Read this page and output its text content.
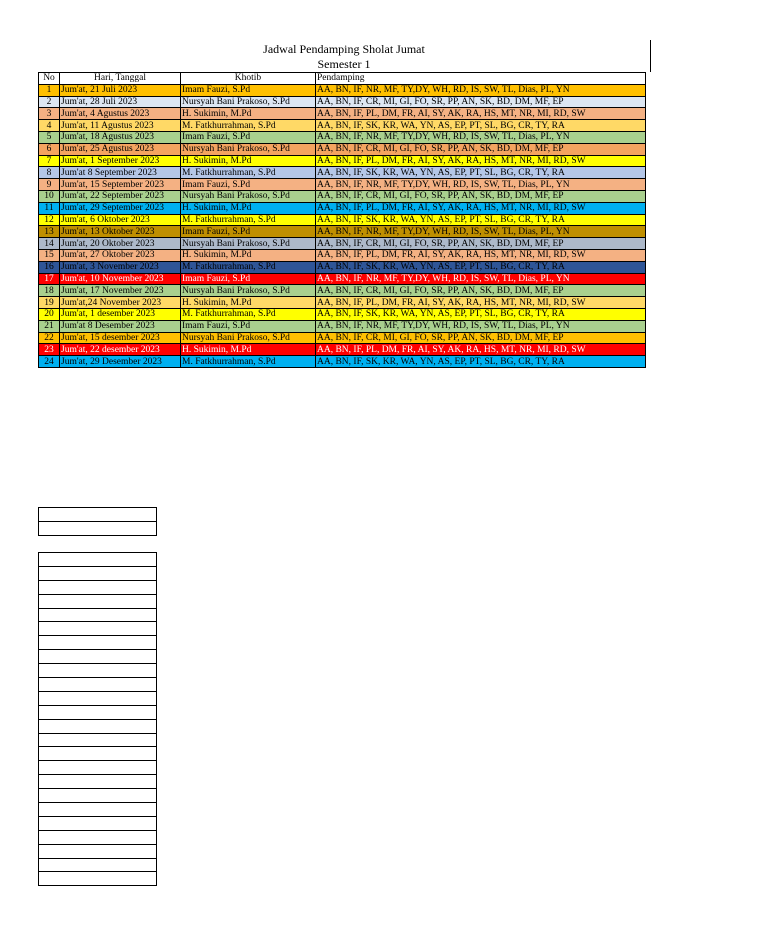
Jadwal Pendamping Sholat Jumat
Semester 1
No	Hari, Tanggal	Khotib	Pendamping
1	Jum'at, 21 Juli 2023	Imam Fauzi, S.Pd	AA, BN, IF, NR, MF, TY,DY, WH, RD, IS, SW, TL, Dias, PL, YN
2	Jum'at, 28 Juli 2023	Nursyah Bani Prakoso, S.Pd	AA, BN, IF, CR, MI, GI, FO, SR, PP, AN, SK, BD, DM, MF, EP
3	Jum'at, 4 Agustus 2023	H. Sukimin, M.Pd	AA, BN, IF, PL, DM, FR, AI, SY, AK, RA, HS, MT, NR, MI, RD, SW
4	Jum'at, 11 Agustus 2023	M. Fatkhurrahman, S.Pd	AA, BN, IF, SK, KR, WA, YN, AS, EP, PT, SL, BG, CR, TY, RA
5	Jum'at, 18 Agustus 2023	Imam Fauzi, S.Pd	AA, BN, IF, NR, MF, TY,DY, WH, RD, IS, SW, TL, Dias, PL, YN
6	Jum'at, 25 Agustus 2023	Nursyah Bani Prakoso, S.Pd	AA, BN, IF, CR, MI, GI, FO, SR, PP, AN, SK, BD, DM, MF, EP
7	Jum'at, 1 September 2023	H. Sukimin, M.Pd	AA, BN, IF, PL, DM, FR, AI, SY, AK, RA, HS, MT, NR, MI, RD, SW
8	Jum'at 8 September 2023	M. Fatkhurrahman, S.Pd	AA, BN, IF, SK, KR, WA, YN, AS, EP, PT, SL, BG, CR, TY, RA
9	Jum'at, 15 September 2023	Imam Fauzi, S.Pd	AA, BN, IF, NR, MF, TY,DY, WH, RD, IS, SW, TL, Dias, PL, YN
10	Jum'at, 22 September 2023	Nursyah Bani Prakoso, S.Pd	AA, BN, IF, CR, MI, GI, FO, SR, PP, AN, SK, BD, DM, MF, EP
11	Jum'at, 29 September 2023	H. Sukimin, M.Pd	AA, BN, IF, PL, DM, FR, AI, SY, AK, RA, HS, MT, NR, MI, RD, SW
12	Jum'at, 6 Oktober 2023	M. Fatkhurrahman, S.Pd	AA, BN, IF, SK, KR, WA, YN, AS, EP, PT, SL, BG, CR, TY, RA
13	Jum'at, 13 Oktober 2023	Imam Fauzi, S.Pd	AA, BN, IF, NR, MF, TY,DY, WH, RD, IS, SW, TL, Dias, PL, YN
14	Jum'at, 20 Oktober 2023	Nursyah Bani Prakoso, S.Pd	AA, BN, IF, CR, MI, GI, FO, SR, PP, AN, SK, BD, DM, MF, EP
15	Jum'at, 27 Oktober 2023	H. Sukimin, M.Pd	AA, BN, IF, PL, DM, FR, AI, SY, AK, RA, HS, MT, NR, MI, RD, SW
16	Jum'at, 3 November 2023	M. Fatkhurrahman, S.Pd	AA, BN, IF, SK, KR, WA, YN, AS, EP, PT, SL, BG, CR, TY, RA
17	Jum'at, 10 November 2023	Imam Fauzi, S.Pd	AA, BN, IF, NR, MF, TY,DY, WH, RD, IS, SW, TL, Dias, PL, YN
18	Jum'at, 17 November 2023	Nursyah Bani Prakoso, S.Pd	AA, BN, IF, CR, MI, GI, FO, SR, PP, AN, SK, BD, DM, MF, EP
19	Jum'at,24 November 2023	H. Sukimin, M.Pd	AA, BN, IF, PL, DM, FR, AI, SY, AK, RA, HS, MT, NR, MI, RD, SW
20	Jum'at, 1 desember 2023	M. Fatkhurrahman, S.Pd	AA, BN, IF, SK, KR, WA, YN, AS, EP, PT, SL, BG, CR, TY, RA
21	Jum'at 8 Desember 2023	Imam Fauzi, S.Pd	AA, BN, IF, NR, MF, TY,DY, WH, RD, IS, SW, TL, Dias, PL, YN
22	Jum'at, 15 desember 2023	Nursyah Bani Prakoso, S.Pd	AA, BN, IF, CR, MI, GI, FO, SR, PP, AN, SK, BD, DM, MF, EP
23	Jum'at, 22 desember 2023	H. Sukimin, M.Pd	AA, BN, IF, PL, DM, FR, AI, SY, AK, RA, HS, MT, NR, MI, RD, SW
24	Jum'at, 29 Desember 2023	M. Fatkhurrahman, S.Pd	AA, BN, IF, SK, KR, WA, YN, AS, EP, PT, SL, BG, CR, TY, RA
